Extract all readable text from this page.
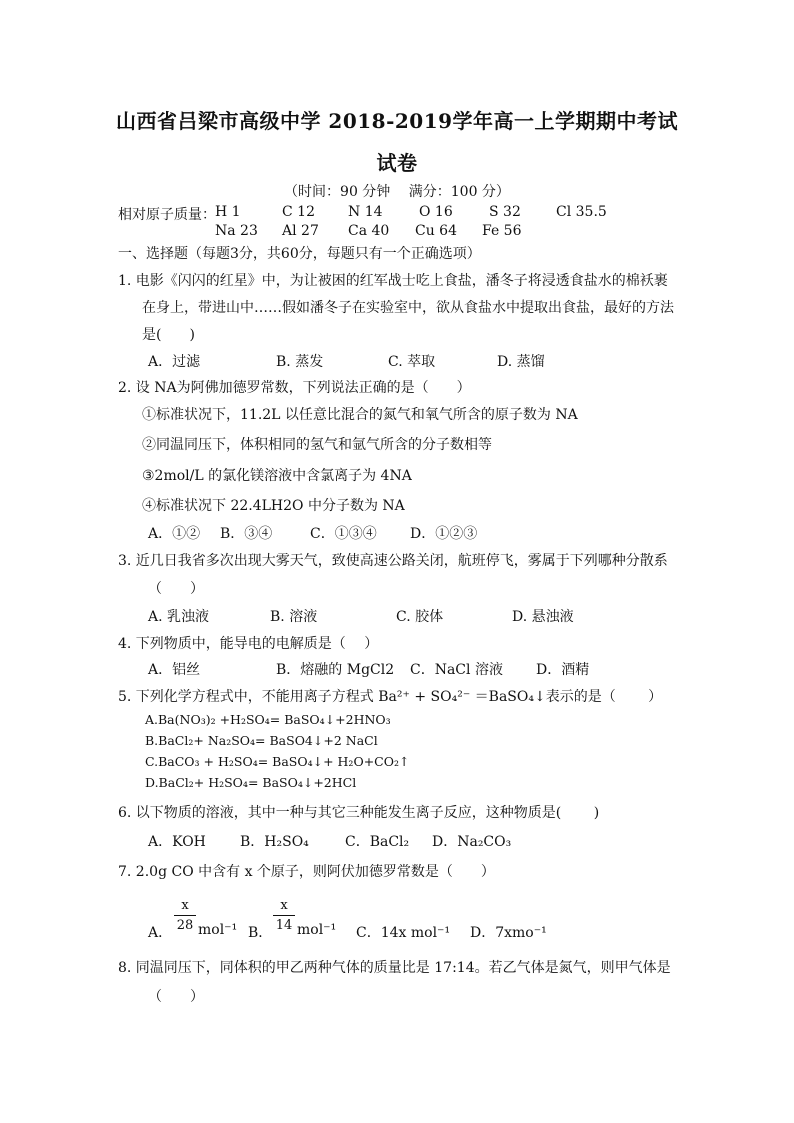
山西省吕梁市高级中学 2018-2019学年高一上学期期中考试
试卷
（时间：90 分钟　 满分：100 分）
相对原子质量： H 1	C 12 N 14	O 16	S 32	Cl 35.5
Na 23 Al 27 Ca 40 Cu 64 Fe 56
一、选择题（每题3分，共60分，每题只有一个正确选项）
1. 电影《闪闪的红星》中，为让被困的红军战士吃上食盐，潘冬子将浸透食盐水的棉袄裹
在身上，带进山中……假如潘冬子在实验室中，欲从食盐水中提取出食盐，最好的方法
是(　　)
A．过滤	B. 蒸发	C. 萃取	D. 蒸馏
2. 设 NA为阿佛加德罗常数，下列说法正确的是（　　）
①标准状况下，11.2L 以任意比混合的氮气和氧气所含的原子数为 NA
②同温同压下，体积相同的氢气和氩气所含的分子数相等
③2mol/L 的氯化镁溶液中含氯离子为 4NA
④标准状况下 22.4LH2O 中分子数为 NA
A．①② B．③④	C．①③④ D．①②③
3. 近几日我省多次出现大雾天气，致使高速公路关闭，航班停飞，雾属于下列哪种分散系
（　　）
A. 乳浊液	B. 溶液	C. 胶体	D. 悬浊液
4. 下列物质中，能导电的电解质是（　 ）
A．铝丝	B．熔融的 MgCl2 C．NaCl 溶液 D．酒精
5. 下列化学方程式中，不能用离子方程式 Ba²⁺ + SO₄²⁻ ＝BaSO₄↓表示的是（　　 ）
A.Ba(NO₃)₂ +H₂SO₄= BaSO₄↓+2HNO₃
B.BaCl₂+ Na₂SO₄= BaSO4↓+2 NaCl
C.BaCO₃ + H₂SO₄= BaSO₄↓+ H₂O+CO₂↑
D.BaCl₂+ H₂SO₄= BaSO₄↓+2HCl
6. 以下物质的溶液，其中一种与其它三种能发生离子反应，这种物质是(　　 )
A．KOH B．H₂SO₄	C．BaCl₂ D．Na₂CO₃
7. 2.0g CO 中含有 x 个原子，则阿伏加德罗常数是（　　）
A．
x
28 mol⁻¹ B．
x
14 mol⁻¹ C．14x mol⁻¹ D．7xmo⁻¹
8. 同温同压下，同体积的甲乙两种气体的质量比是 17:14。若乙气体是氮气，则甲气体是
（　　）
